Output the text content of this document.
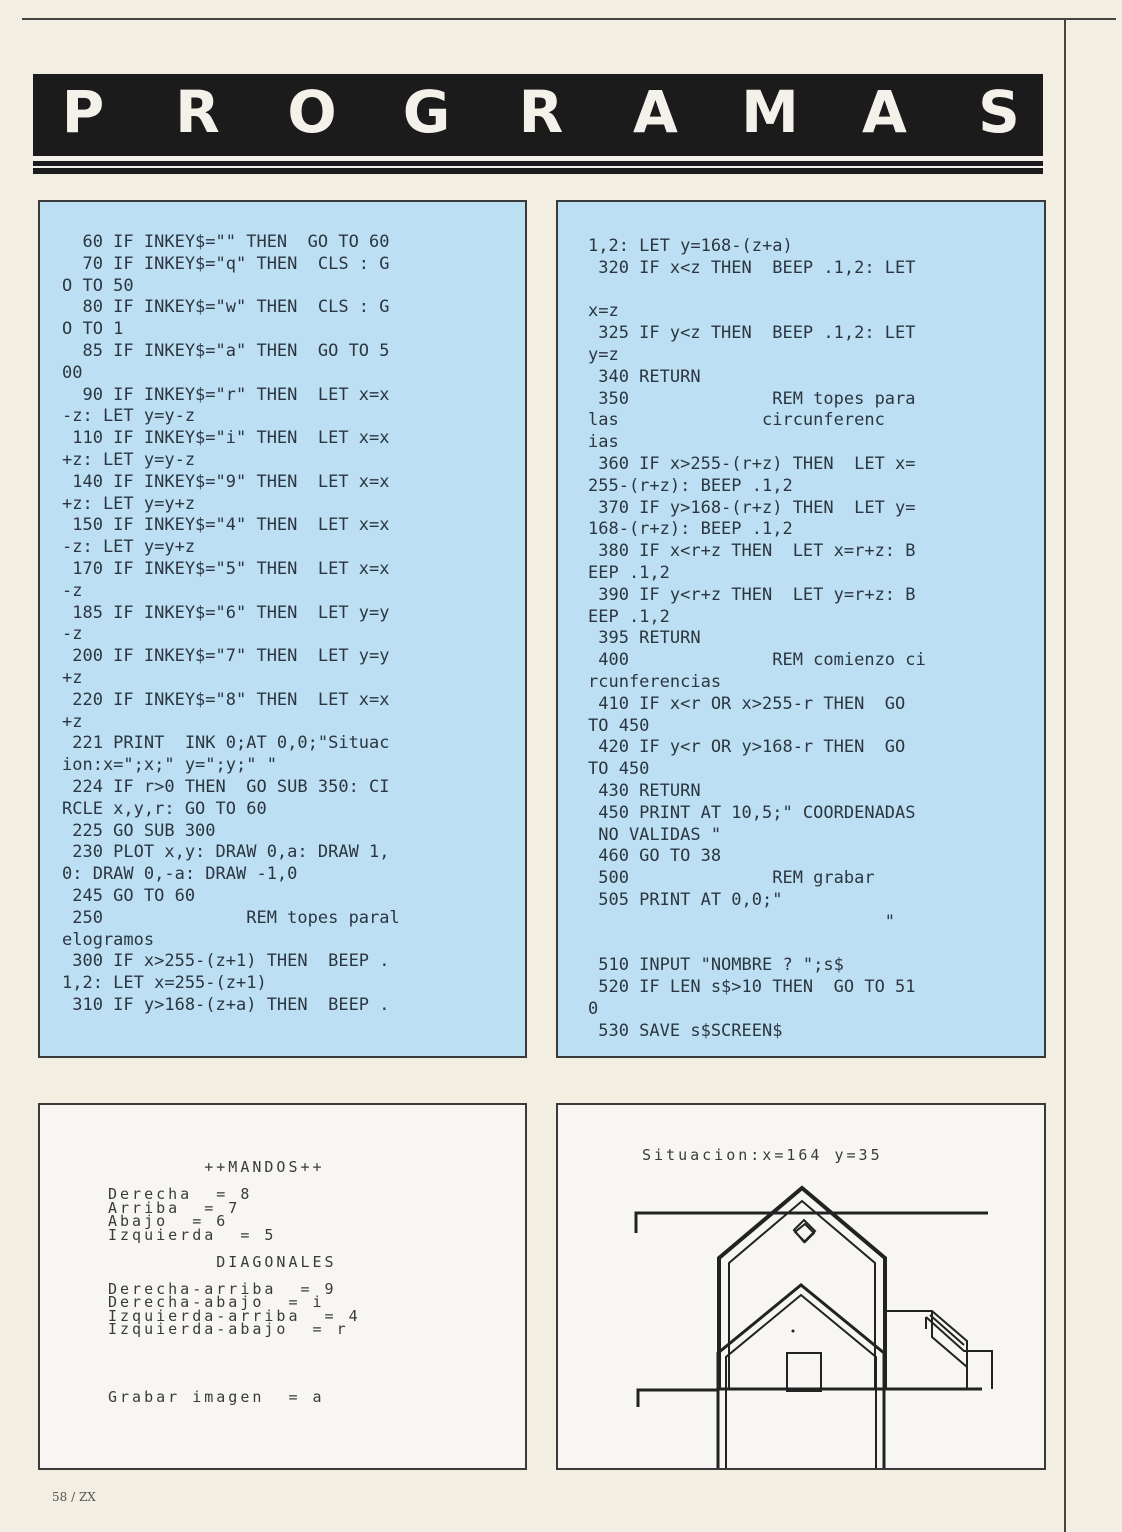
P R O G R A M A S
60 IF INKEY$="" THEN  GO TO 60
70 IF INKEY$="q" THEN  CLS : G
O TO 50
80 IF INKEY$="w" THEN  CLS : G
O TO 1
85 IF INKEY$="a" THEN  GO TO 5
00
90 IF INKEY$="r" THEN  LET x=x
-z: LET y=y-z
110 IF INKEY$="i" THEN  LET x=x
+z: LET y=y-z
140 IF INKEY$="9" THEN  LET x=x
+z: LET y=y+z
150 IF INKEY$="4" THEN  LET x=x
-z: LET y=y+z
170 IF INKEY$="5" THEN  LET x=x
-z
185 IF INKEY$="6" THEN  LET y=y
-z
200 IF INKEY$="7" THEN  LET y=y
+z
220 IF INKEY$="8" THEN  LET x=x
+z
221 PRINT  INK 0;AT 0,0;"Situac
ion:x=";x;" y=";y;" "
224 IF r>0 THEN  GO SUB 350: CI
RCLE x,y,r: GO TO 60
225 GO SUB 300
230 PLOT x,y: DRAW 0,a: DRAW 1,
0: DRAW 0,-a: DRAW -1,0
245 GO TO 60
250              REM topes paral
elogramos
300 IF x>255-(z+1) THEN  BEEP .
1,2: LET x=255-(z+1)
310 IF y>168-(z+a) THEN  BEEP .
1,2: LET y=168-(z+a)
320 IF x<z THEN  BEEP .1,2: LET

x=z
325 IF y<z THEN  BEEP .1,2: LET
y=z
340 RETURN
350              REM topes para
las              circunferenc
ias
360 IF x>255-(r+z) THEN  LET x=
255-(r+z): BEEP .1,2
370 IF y>168-(r+z) THEN  LET y=
168-(r+z): BEEP .1,2
380 IF x<r+z THEN  LET x=r+z: B
EEP .1,2
390 IF y<r+z THEN  LET y=r+z: B
EEP .1,2
395 RETURN
400              REM comienzo ci
rcunferencias
410 IF x<r OR x>255-r THEN  GO
TO 450
420 IF y<r OR y>168-r THEN  GO
TO 450
430 RETURN
450 PRINT AT 10,5;" COORDENADAS
NO VALIDAS "
460 GO TO 38
500              REM grabar
505 PRINT AT 0,0;"
"

510 INPUT "NOMBRE ? ";s$
520 IF LEN s$>10 THEN  GO TO 51
0
530 SAVE s$SCREEN$
++MANDOS++

Derecha  = 8
Arriba  = 7
Abajo  = 6
Izquierda  = 5

DIAGONALES

Derecha-arriba  = 9
Derecha-abajo  = i
Izquierda-arriba  = 4
Izquierda-abajo  = r

Grabar imagen  = a
Situacion:x=164 y=35
58 / ZX
